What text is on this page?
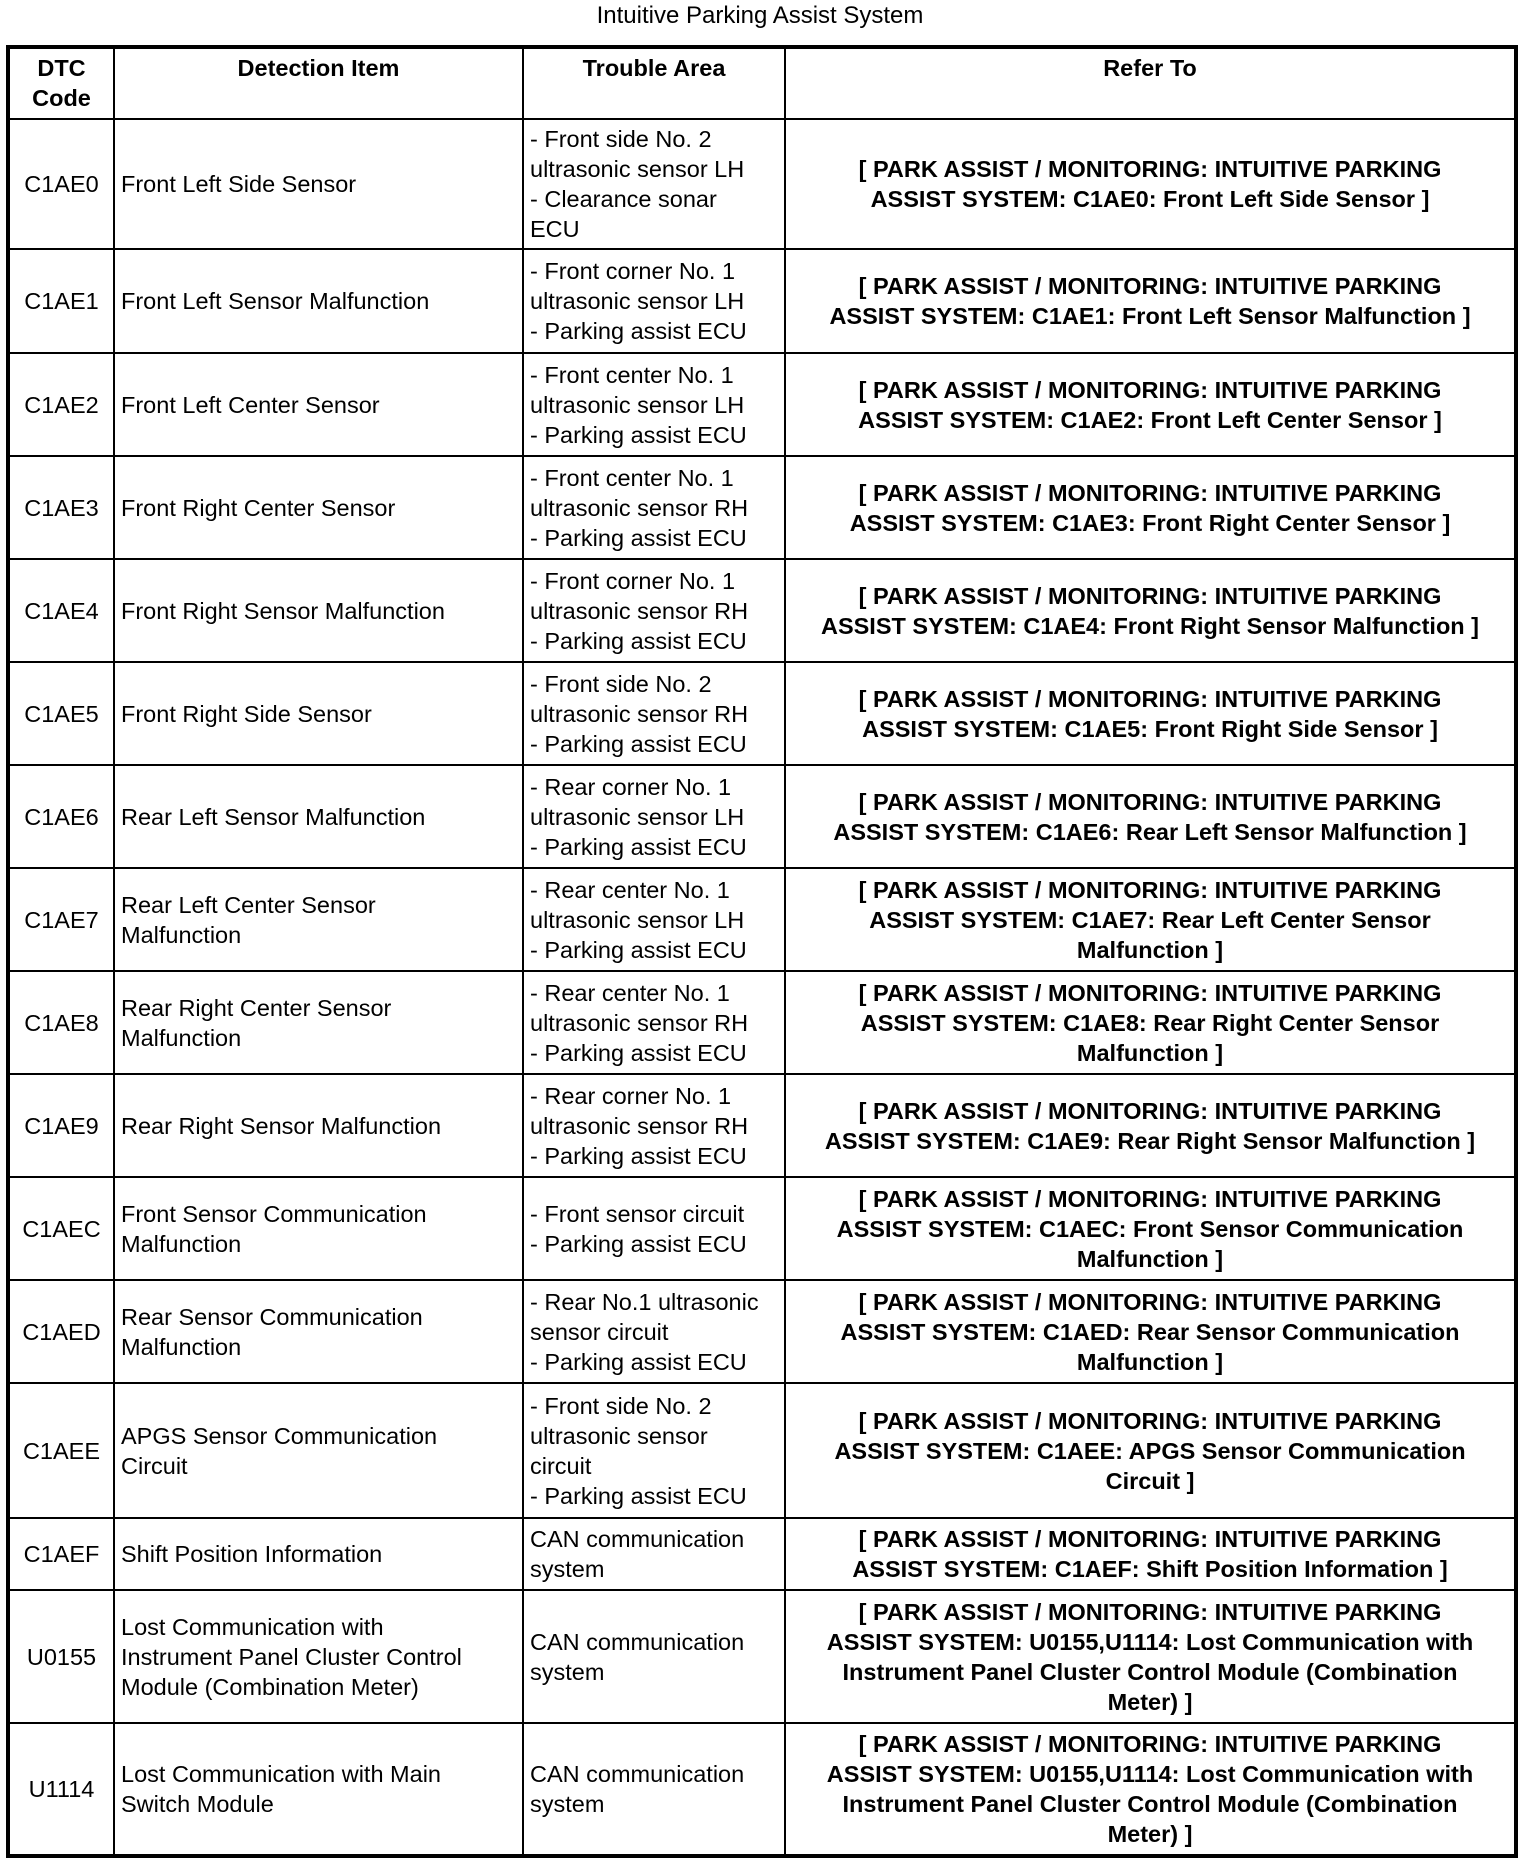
Intuitive Parking Assist System
DTC
Code	Detection Item	Trouble Area	Refer To
C1AE0	Front Left Side Sensor	- Front side No. 2
ultrasonic sensor LH
- Clearance sonar
ECU	[ PARK ASSIST / MONITORING: INTUITIVE PARKING
ASSIST SYSTEM: C1AE0: Front Left Side Sensor ]

C1AE1	Front Left Sensor Malfunction	- Front corner No. 1
ultrasonic sensor LH
- Parking assist ECU	[ PARK ASSIST / MONITORING: INTUITIVE PARKING
ASSIST SYSTEM: C1AE1: Front Left Sensor Malfunction ]

C1AE2	Front Left Center Sensor	- Front center No. 1
ultrasonic sensor LH
- Parking assist ECU	[ PARK ASSIST / MONITORING: INTUITIVE PARKING
ASSIST SYSTEM: C1AE2: Front Left Center Sensor ]

C1AE3	Front Right Center Sensor	- Front center No. 1
ultrasonic sensor RH
- Parking assist ECU	[ PARK ASSIST / MONITORING: INTUITIVE PARKING
ASSIST SYSTEM: C1AE3: Front Right Center Sensor ]

C1AE4	Front Right Sensor Malfunction	- Front corner No. 1
ultrasonic sensor RH
- Parking assist ECU	[ PARK ASSIST / MONITORING: INTUITIVE PARKING
ASSIST SYSTEM: C1AE4: Front Right Sensor Malfunction ]

C1AE5	Front Right Side Sensor	- Front side No. 2
ultrasonic sensor RH
- Parking assist ECU	[ PARK ASSIST / MONITORING: INTUITIVE PARKING
ASSIST SYSTEM: C1AE5: Front Right Side Sensor ]

C1AE6	Rear Left Sensor Malfunction	- Rear corner No. 1
ultrasonic sensor LH
- Parking assist ECU	[ PARK ASSIST / MONITORING: INTUITIVE PARKING
ASSIST SYSTEM: C1AE6: Rear Left Sensor Malfunction ]

C1AE7	Rear Left Center Sensor
Malfunction	- Rear center No. 1
ultrasonic sensor LH
- Parking assist ECU	[ PARK ASSIST / MONITORING: INTUITIVE PARKING
ASSIST SYSTEM: C1AE7: Rear Left Center Sensor
Malfunction ]

C1AE8	Rear Right Center Sensor
Malfunction	- Rear center No. 1
ultrasonic sensor RH
- Parking assist ECU	[ PARK ASSIST / MONITORING: INTUITIVE PARKING
ASSIST SYSTEM: C1AE8: Rear Right Center Sensor
Malfunction ]

C1AE9	Rear Right Sensor Malfunction	- Rear corner No. 1
ultrasonic sensor RH
- Parking assist ECU	[ PARK ASSIST / MONITORING: INTUITIVE PARKING
ASSIST SYSTEM: C1AE9: Rear Right Sensor Malfunction ]

C1AEC	Front Sensor Communication
Malfunction	- Front sensor circuit
- Parking assist ECU	[ PARK ASSIST / MONITORING: INTUITIVE PARKING
ASSIST SYSTEM: C1AEC: Front Sensor Communication
Malfunction ]

C1AED	Rear Sensor Communication
Malfunction	- Rear No.1 ultrasonic
sensor circuit
- Parking assist ECU	[ PARK ASSIST / MONITORING: INTUITIVE PARKING
ASSIST SYSTEM: C1AED: Rear Sensor Communication
Malfunction ]

C1AEE	APGS Sensor Communication
Circuit	- Front side No. 2
ultrasonic sensor
circuit
- Parking assist ECU	[ PARK ASSIST / MONITORING: INTUITIVE PARKING
ASSIST SYSTEM: C1AEE: APGS Sensor Communication
Circuit ]

C1AEF	Shift Position Information	CAN communication
system	[ PARK ASSIST / MONITORING: INTUITIVE PARKING
ASSIST SYSTEM: C1AEF: Shift Position Information ]

U0155	Lost Communication with
Instrument Panel Cluster Control
Module (Combination Meter)	CAN communication
system	[ PARK ASSIST / MONITORING: INTUITIVE PARKING
ASSIST SYSTEM: U0155,U1114: Lost Communication with
Instrument Panel Cluster Control Module (Combination
Meter) ]

U1114	Lost Communication with Main
Switch Module	CAN communication
system	[ PARK ASSIST / MONITORING: INTUITIVE PARKING
ASSIST SYSTEM: U0155,U1114: Lost Communication with
Instrument Panel Cluster Control Module (Combination
Meter) ]
